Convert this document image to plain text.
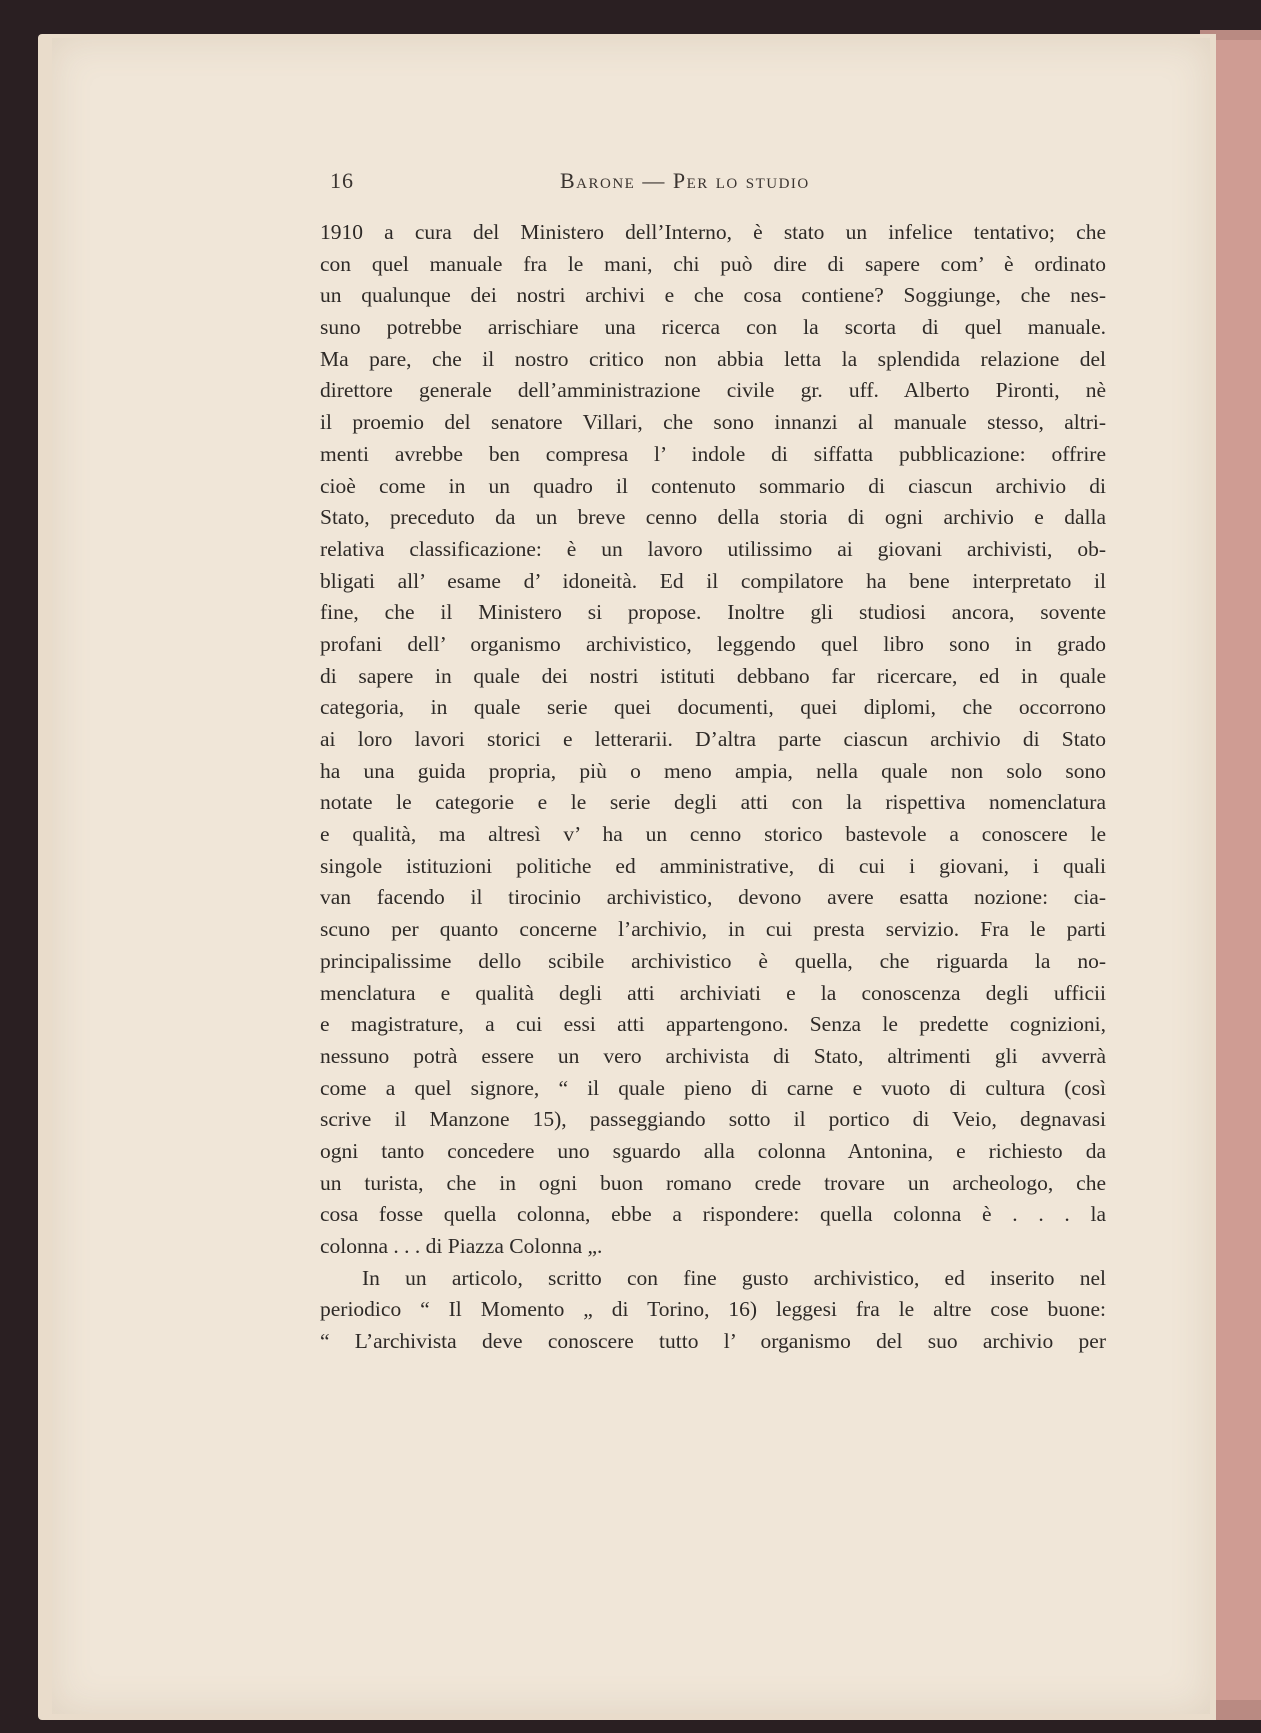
16	Barone — Per lo studio
1910 a cura del Ministero dell’Interno, è stato un infelice tentativo; che
con quel manuale fra le mani, chi può dire di sapere com’ è ordinato
un qualunque dei nostri archivi e che cosa contiene? Soggiunge, che nes-
suno potrebbe arrischiare una ricerca con la scorta di quel manuale.
Ma pare, che il nostro critico non abbia letta la splendida relazione del
direttore generale dell’amministrazione civile gr. uff. Alberto Pironti, nè
il proemio del senatore Villari, che sono innanzi al manuale stesso, altri-
menti avrebbe ben compresa l’ indole di siffatta pubblicazione: offrire
cioè come in un quadro il contenuto sommario di ciascun archivio di
Stato, preceduto da un breve cenno della storia di ogni archivio e dalla
relativa classificazione: è un lavoro utilissimo ai giovani archivisti, ob-
bligati all’ esame d’ idoneità. Ed il compilatore ha bene interpretato il
fine, che il Ministero si propose. Inoltre gli studiosi ancora, sovente
profani dell’ organismo archivistico, leggendo quel libro sono in grado
di sapere in quale dei nostri istituti debbano far ricercare, ed in quale
categoria, in quale serie quei documenti, quei diplomi, che occorrono
ai loro lavori storici e letterarii. D’altra parte ciascun archivio di Stato
ha una guida propria, più o meno ampia, nella quale non solo sono
notate le categorie e le serie degli atti con la rispettiva nomenclatura
e qualità, ma altresì v’ ha un cenno storico bastevole a conoscere le
singole istituzioni politiche ed amministrative, di cui i giovani, i quali
van facendo il tirocinio archivistico, devono avere esatta nozione: cia-
scuno per quanto concerne l’archivio, in cui presta servizio. Fra le parti
principalissime dello scibile archivistico è quella, che riguarda la no-
menclatura e qualità degli atti archiviati e la conoscenza degli ufficii
e magistrature, a cui essi atti appartengono. Senza le predette cognizioni,
nessuno potrà essere un vero archivista di Stato, altrimenti gli avverrà
come a quel signore, “ il quale pieno di carne e vuoto di cultura (così
scrive il Manzone 15), passeggiando sotto il portico di Veio, degnavasi
ogni tanto concedere uno sguardo alla colonna Antonina, e richiesto da
un turista, che in ogni buon romano crede trovare un archeologo, che
cosa fosse quella colonna, ebbe a rispondere: quella colonna è . . . la
colonna . . . di Piazza Colonna „.
In un articolo, scritto con fine gusto archivistico, ed inserito nel
periodico “ Il Momento „ di Torino, 16) leggesi fra le altre cose buone:
“ L’archivista deve conoscere tutto l’ organismo del suo archivio per
